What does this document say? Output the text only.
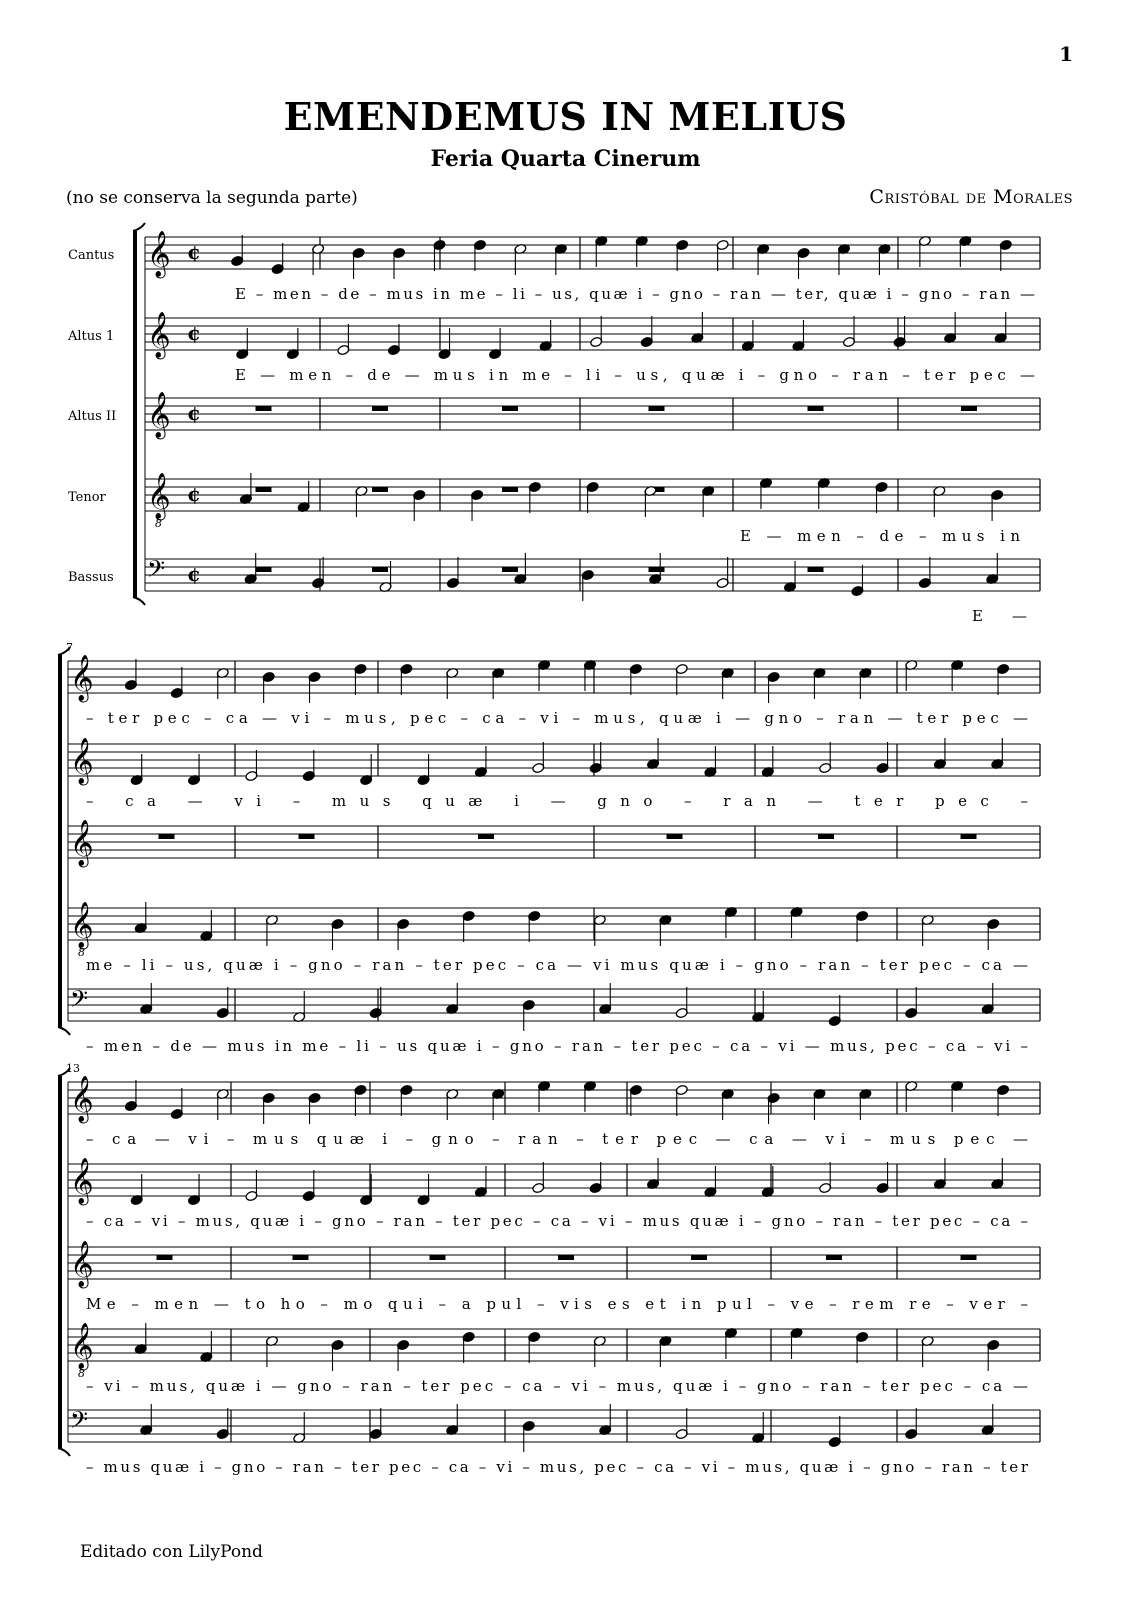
1
EMENDEMUS IN MELIUS
Feria Quarta Cinerum
(no se conserva la segunda parte)	Cristóbal de Morales
𝄞 ¢
𝄞 ¢
𝄞 ¢
𝄞
8
¢
𝄢 ¢
E – men – de – mus in me – li – us, quæ i – gno – ran — ter, quæ i – gno – ran —
E — men – de — mus in me – li – us, quæ i – gno – ran – ter pec —
E — men – de – mus in
E —
𝄞
𝄞
𝄞
𝄞
8
𝄢
– ter pec – ca — vi – mus, pec – ca – vi – mus, quæ i — gno – ran — ter pec —
– ca — vi – mus quæ i — gno – ran — ter pec –
me – li – us, quæ i – gno – ran – ter pec – ca — vi mus quæ i – gno – ran – ter pec – ca —
– men – de — mus in me – li – us quæ i – gno – ran – ter pec – ca – vi — mus, pec – ca – vi –
𝄞
𝄞
𝄞
𝄞
8
𝄢
– ca — vi – mus quæ i – gno – ran – ter pec — ca — vi – mus pec —
– ca – vi – mus, quæ i – gno – ran – ter pec – ca – vi – mus quæ i – gno – ran – ter pec – ca –
Me – men — to ho – mo qui – a pul – vis es et in pul – ve – rem re – ver –
– vi – mus, quæ i — gno – ran – ter pec – ca – vi – mus, quæ i – gno – ran – ter pec – ca —
– mus quæ i – gno – ran – ter pec – ca – vi – mus, pec – ca – vi – mus, quæ i – gno – ran – ter
Cantus
Altus 1
Altus II
Tenor
Bassus
7
13
Editado con LilyPond
